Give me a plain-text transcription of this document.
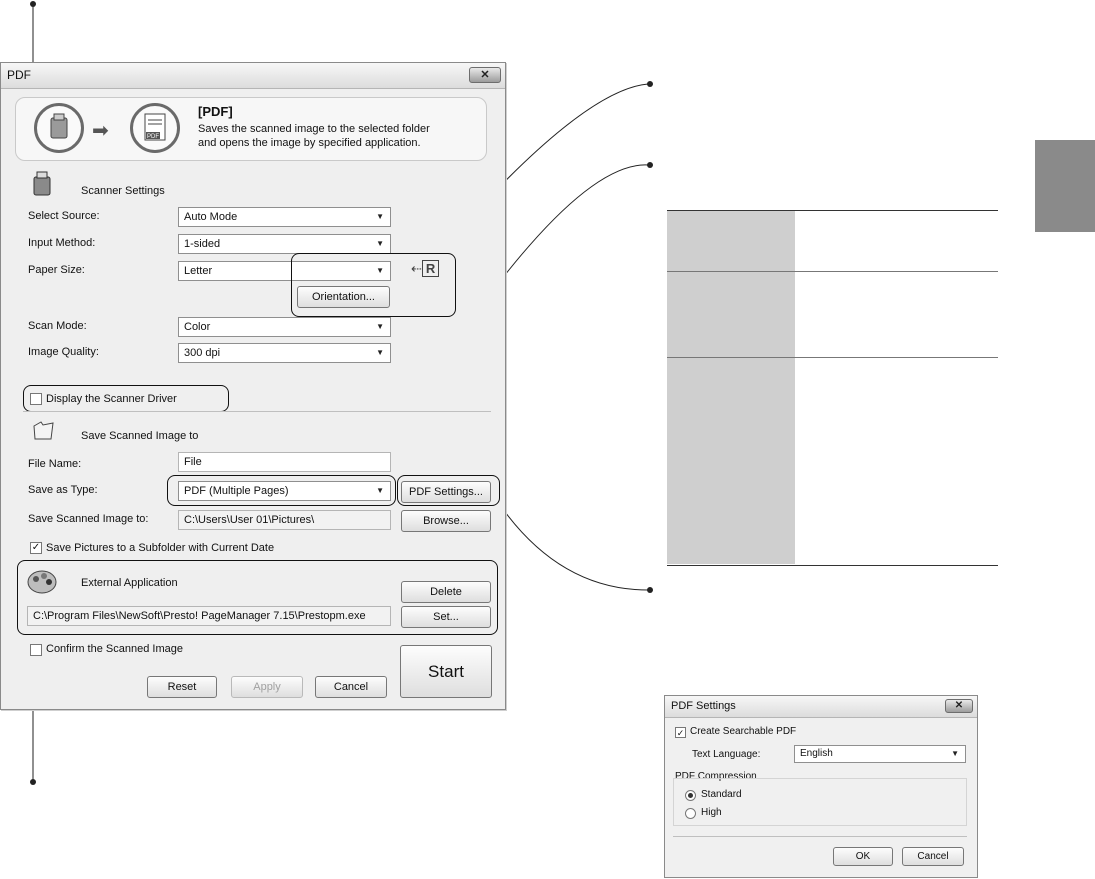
PDF	✕
➡	PDF
[PDF]
Saves the scanned image to the selected folder
and opens the image by specified application.
Scanner Settings
Select Source:	Auto Mode	▼
Input Method:	1-sided	▼
Paper Size:	Letter	▼
Orientation...
⇠ R
Scan Mode:	Color	▼
Image Quality:	300 dpi	▼
Display the Scanner Driver
Save Scanned Image to
File Name:	File
Save as Type:	PDF (Multiple Pages)	▼	PDF Settings...
Save Scanned Image to:	C:\Users\User 01\Pictures\	Browse...
✓ Save Pictures to a Subfolder with Current Date
External Application
Delete
C:\Program Files\NewSoft\Presto! PageManager 7.15\Prestopm.exe	Set...
Confirm the Scanned Image
Reset	Apply	Cancel
Start
PDF Settings	✕
✓ Create Searchable PDF
Text Language:	English	▼
PDF Compression
Standard
High
OK	Cancel
